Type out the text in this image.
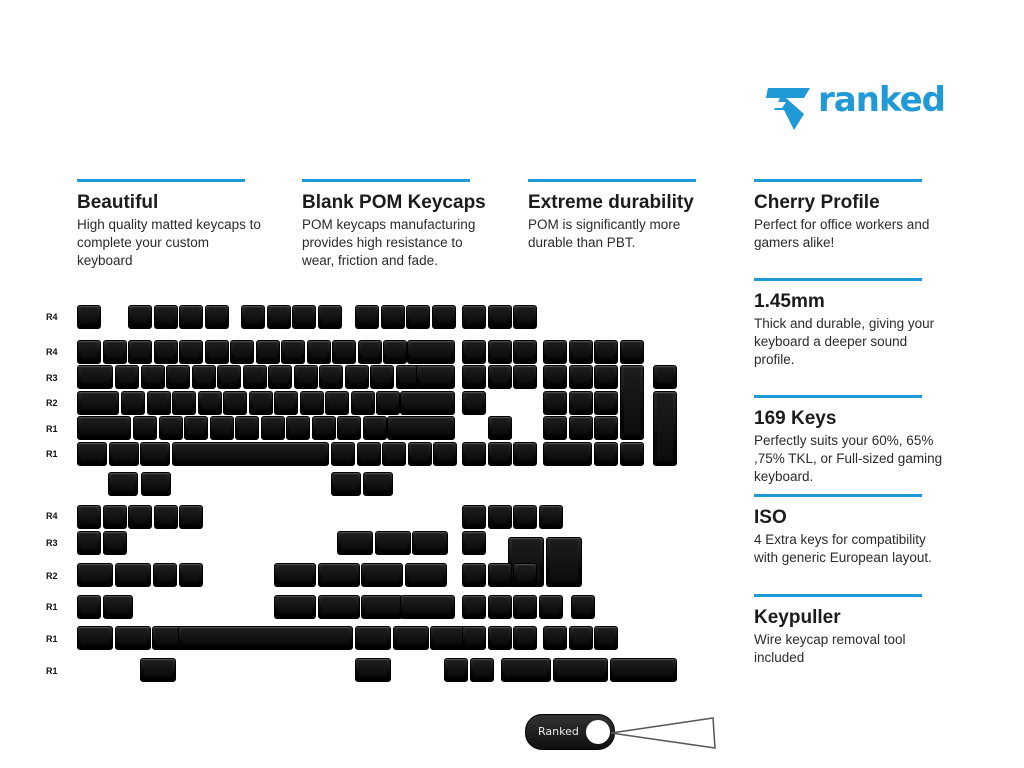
ranked
Beautiful

High quality matted keycaps to complete your custom keyboard

Blank POM Keycaps

POM keycaps manufacturing provides high resistance to wear, friction and fade.

Extreme durability

POM is significantly more durable than PBT.

Cherry Profile

Perfect for office workers and gamers alike!

1.45mm

Thick and durable, giving your keyboard a deeper sound profile.

169 Keys

Perfectly suits your 60%, 65% ,75% TKL, or Full-sized gaming keyboard.

ISO

4 Extra keys for compatibility with generic European layout.

Keypuller

Wire keycap removal tool included

R4
R4
R3
R2
R1
R1
R4
R3
R2
R1
R1
R1
Ranked
